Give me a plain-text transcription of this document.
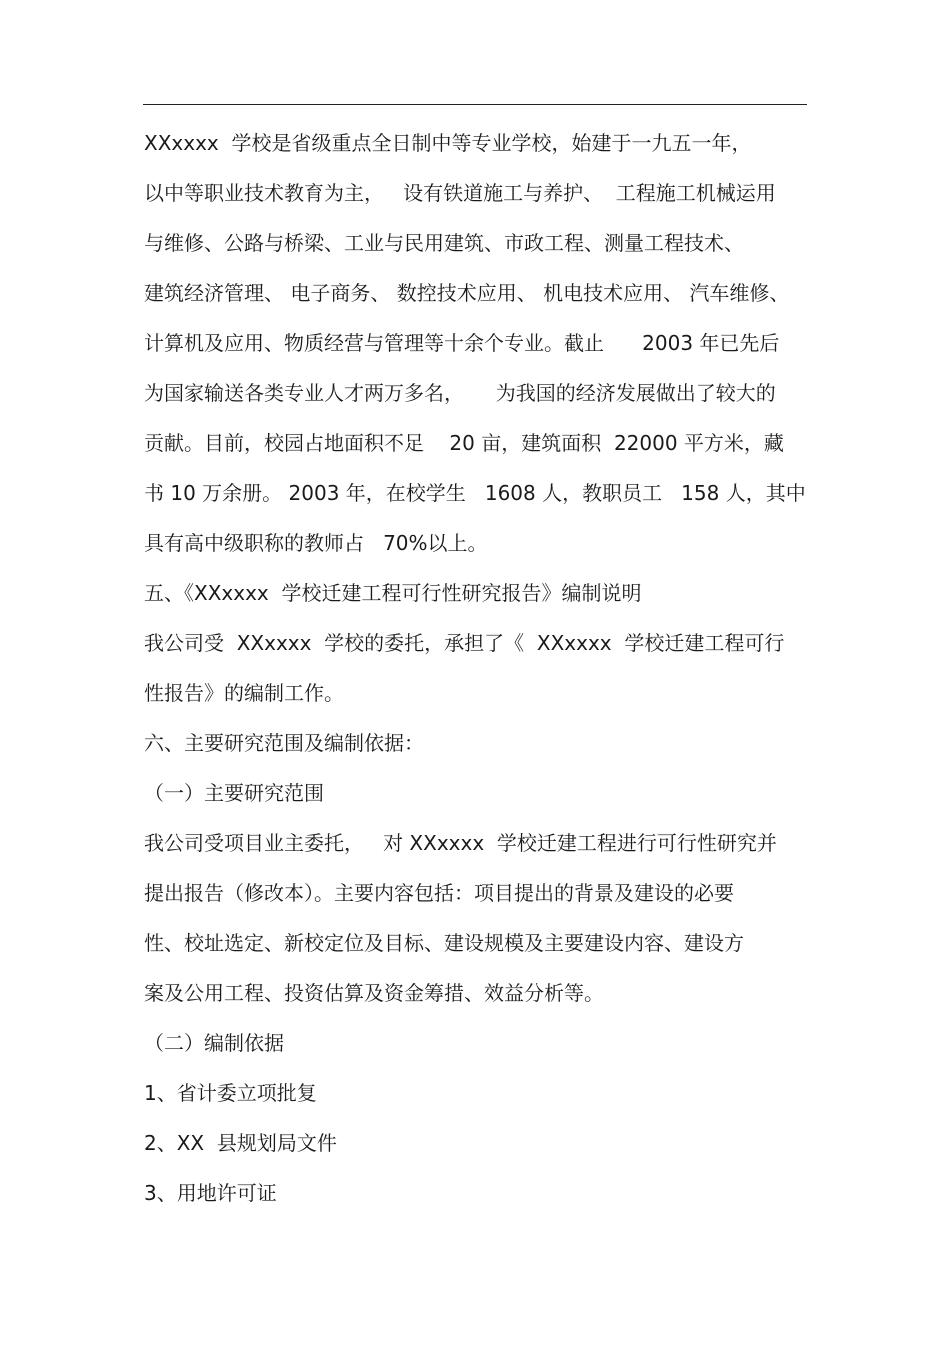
XXxxxx  学校是省级重点全日制中等专业学校，始建于一九五一年，
以中等职业技术教育为主，   设有铁道施工与养护、  工程施工机械运用
与维修、公路与桥梁、工业与民用建筑、市政工程、测量工程技术、
建筑经济管理、 电子商务、 数控技术应用、 机电技术应用、 汽车维修、
计算机及应用、物质经营与管理等十余个专业。截止      2003 年已先后
为国家输送各类专业人才两万多名，     为我国的经济发展做出了较大的
贡献。目前，校园占地面积不足    20 亩，建筑面积  22000 平方米，藏
书 10 万余册。 2003 年，在校学生   1608 人，教职员工   158 人，其中
具有高中级职称的教师占   70%以上。
五、《XXxxxx  学校迁建工程可行性研究报告》编制说明
我公司受  XXxxxx  学校的委托，承担了《  XXxxxx  学校迁建工程可行
性报告》的编制工作。
六、主要研究范围及编制依据：
（一）主要研究范围
我公司受项目业主委托，   对 XXxxxx  学校迁建工程进行可行性研究并
提出报告（修改本）。主要内容包括：项目提出的背景及建设的必要
性、校址选定、新校定位及目标、建设规模及主要建设内容、建设方
案及公用工程、投资估算及资金筹措、效益分析等。
（二）编制依据
1、省计委立项批复
2、XX  县规划局文件
3、用地许可证
